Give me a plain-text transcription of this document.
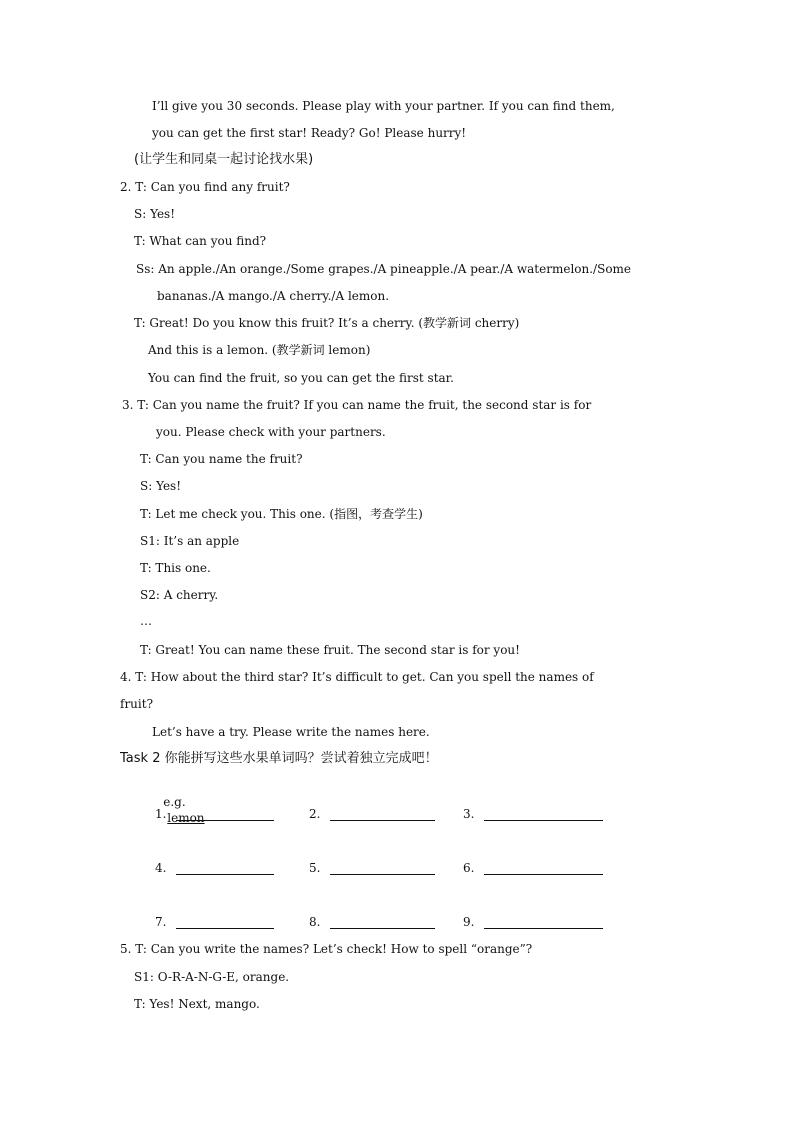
I’ll give you 30 seconds. Please play with your partner. If you can find them,
you can get the first star! Ready? Go! Please hurry!
(让学生和同桌一起讨论找水果)
2. T: Can you find any fruit?
S: Yes!
T: What can you find?
Ss: An apple./An orange./Some grapes./A pineapple./A pear./A watermelon./Some
bananas./A mango./A cherry./A lemon.
T: Great! Do you know this fruit? It’s a cherry. (教学新词 cherry)
And this is a lemon. (教学新词 lemon)
You can find the fruit, so you can get the first star.
3. T: Can you name the fruit? If you can name the fruit, the second star is for
you. Please check with your partners.
T: Can you name the fruit?
S: Yes!
T: Let me check you. This one. (指图，考查学生)
S1: It’s an apple
T: This one.
S2: A cherry.
…
T: Great! You can name these fruit. The second star is for you!
4. T: How about the third star? It’s difficult to get. Can you spell the names of
fruit?
Let’s have a try. Please write the names here.
Task 2 你能拼写这些水果单词吗？尝试着独立完成吧！

e.g.
lemon

1.	2.	3.
4.	5.	6.
7.	8.	9.
5. T: Can you write the names? Let’s check! How to spell “orange”?
S1: O-R-A-N-G-E, orange.
T: Yes! Next, mango.
